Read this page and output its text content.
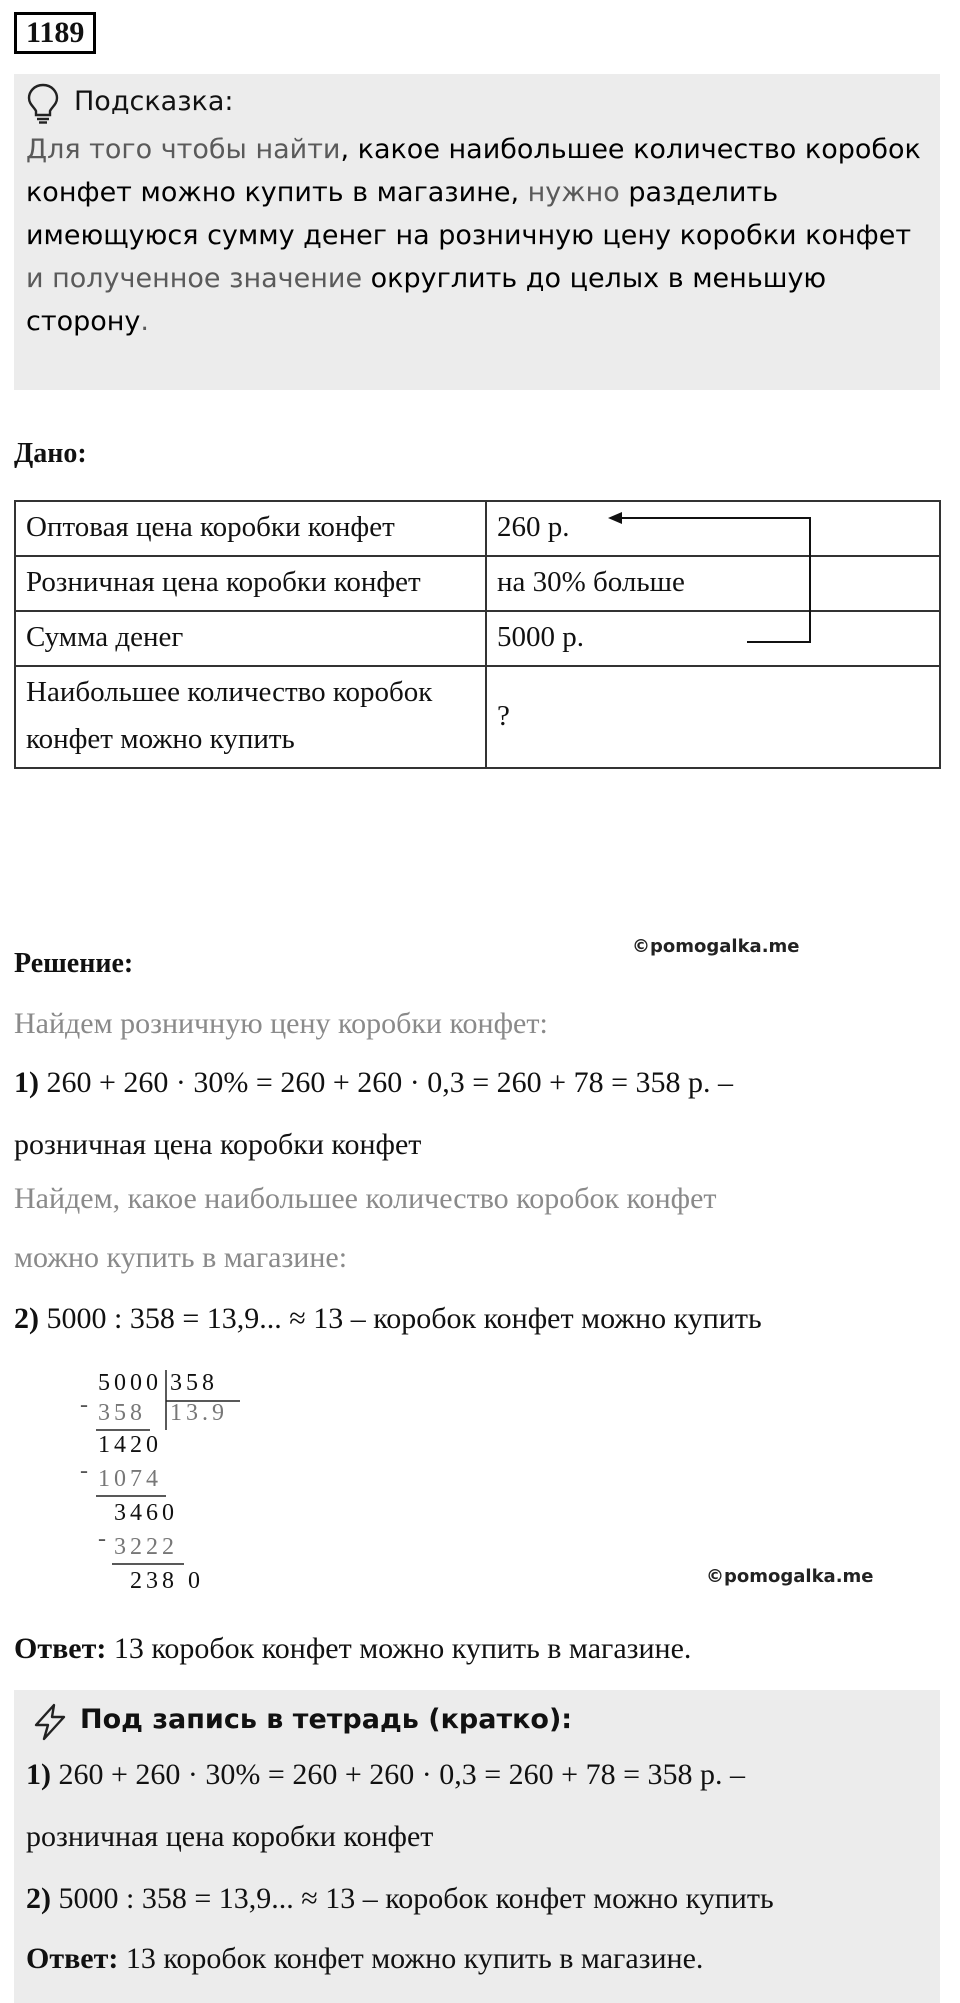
1189
Подсказка:
Для того чтобы найти, какое наибольшее количество коробок конфет можно купить в магазине, нужно разделить имеющуюся сумму денег на розничную цену коробки конфет и полученное значение округлить до целых в меньшую сторону.
Дано:
Оптовая цена коробки конфет	260 р.
Розничная цена коробки конфет	на 30% больше
Сумма денег	5000 р.
Наибольшее количество коробок конфет можно купить	?
©pomogalka.me
Решение:
Найдем розничную цену коробки конфет:
1) 260 + 260 · 30% = 260 + 260 · 0,3 = 260 + 78 = 358 р. –
розничная цена коробки конфет
Найдем, какое наибольшее количество коробок конфет
можно купить в магазине:
2) 5000 : 358 = 13,9... ≈ 13 – коробок конфет можно купить
5000 358
- 358 13.9
1420
- 1074
3460
- 3222
238 0	©pomogalka.me
Ответ: 13 коробок конфет можно купить в магазине.
Под запись в тетрадь (кратко):
1) 260 + 260 · 30% = 260 + 260 · 0,3 = 260 + 78 = 358 р. –
розничная цена коробки конфет
2) 5000 : 358 = 13,9... ≈ 13 – коробок конфет можно купить
Ответ: 13 коробок конфет можно купить в магазине.
